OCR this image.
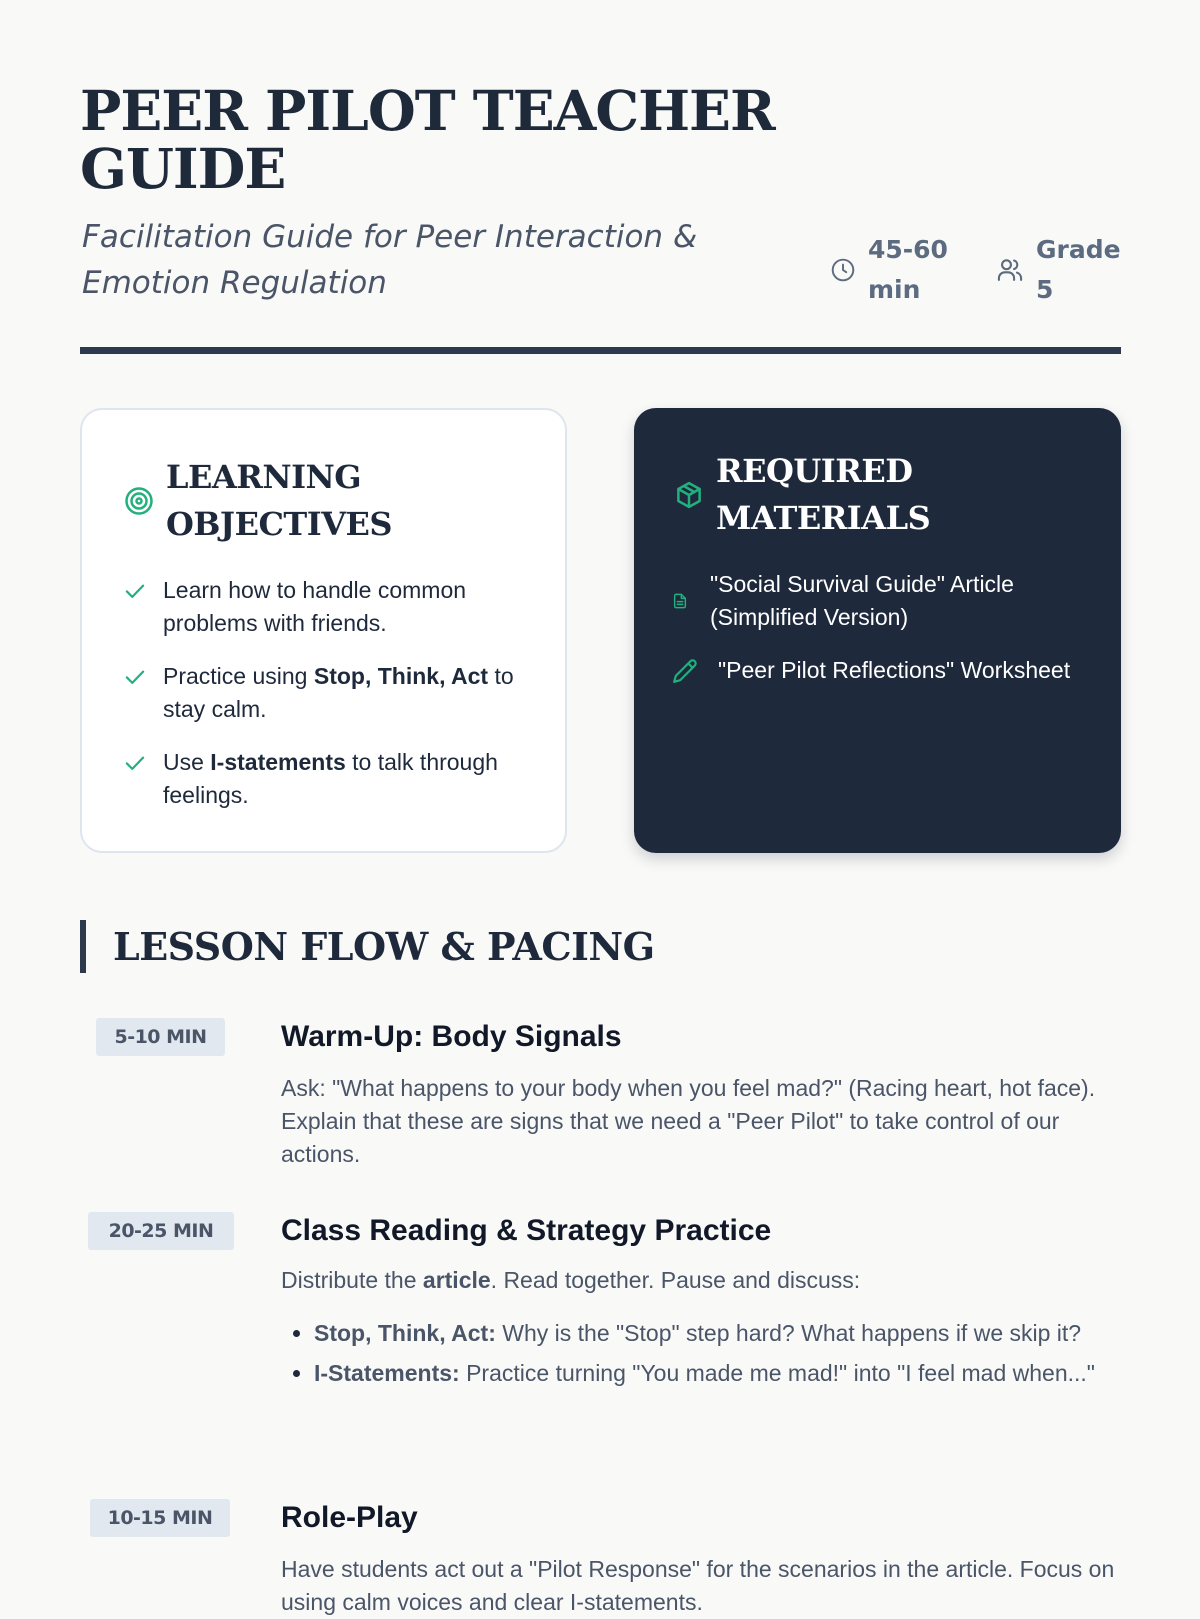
PEER PILOT TEACHER GUIDE

Facilitation Guide for Peer Interaction & Emotion Regulation

45-60 min
Grade 5
LEARNING OBJECTIVES
Learn how to handle common problems with friends.
Practice using Stop, Think, Act to stay calm.
Use I-statements to talk through feelings.
REQUIRED MATERIALS
"Social Survival Guide" Article (Simplified Version)
"Peer Pilot Reflections" Worksheet
LESSON FLOW & PACING
5-10 MIN	Warm-Up: Body Signals

Ask: "What happens to your body when you feel mad?" (Racing heart, hot face). Explain that these are signs that we need a "Peer Pilot" to take control of our actions.

20-25 MIN	Class Reading & Strategy Practice

Distribute the article. Read together. Pause and discuss:

• Stop, Think, Act: Why is the "Stop" step hard? What happens if we skip it?
• I-Statements: Practice turning "You made me mad!" into "I feel mad when..."
10-15 MIN	Role-Play

Have students act out a "Pilot Response" for the scenarios in the article. Focus on using calm voices and clear I-statements.
